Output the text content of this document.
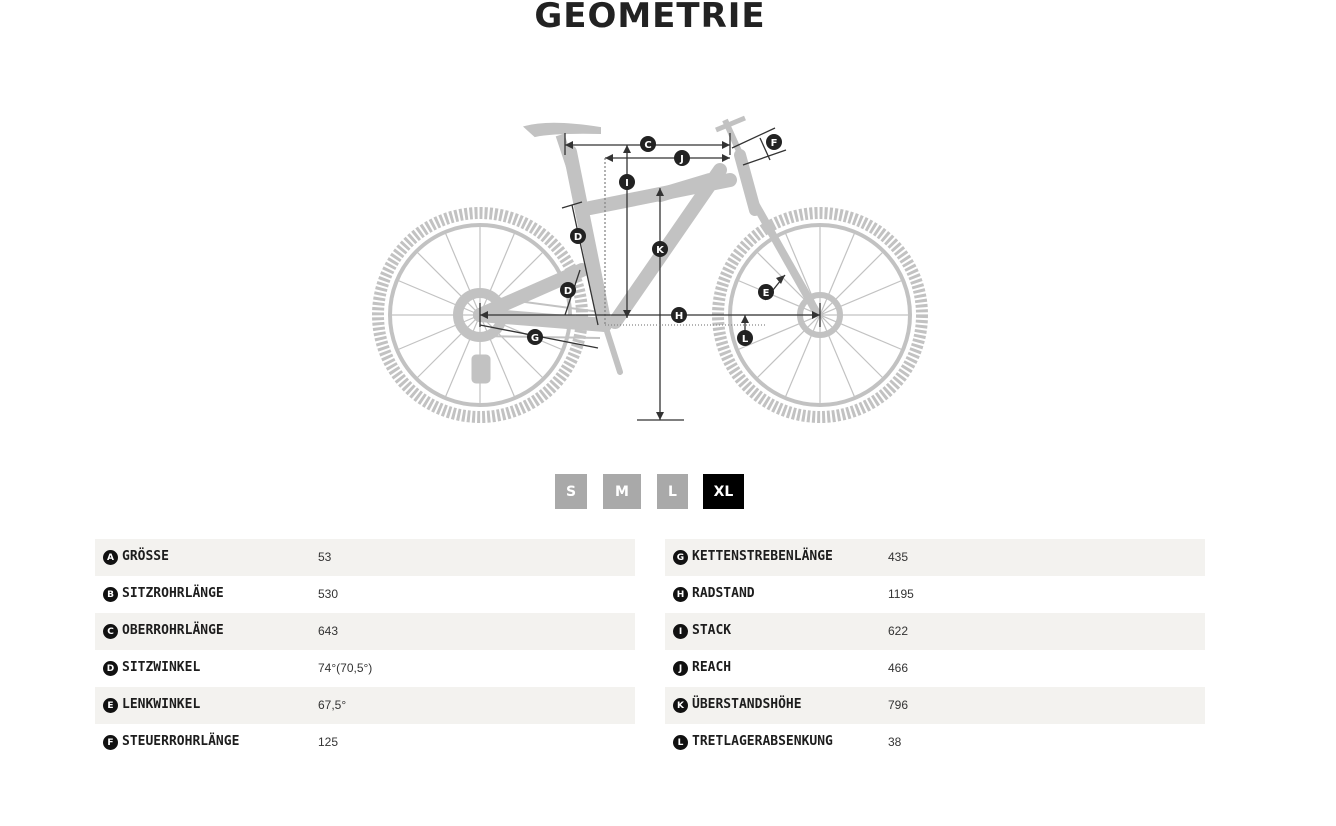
GEOMETRIE
C
J
F
I
D
K
D	E
H
G	L
S	M	L	XL
A GRÖSSE	53
B SITZROHRLÄNGE	530
C OBERROHRLÄNGE	643
D SITZWINKEL	74°(70,5°)
E LENKWINKEL	67,5°
F STEUERROHRLÄNGE	125
G KETTENSTREBENLÄNGE	435
H RADSTAND	1195
I STACK	622
J REACH	466
K ÜBERSTANDSHÖHE	796
L TRETLAGERABSENKUNG	38
